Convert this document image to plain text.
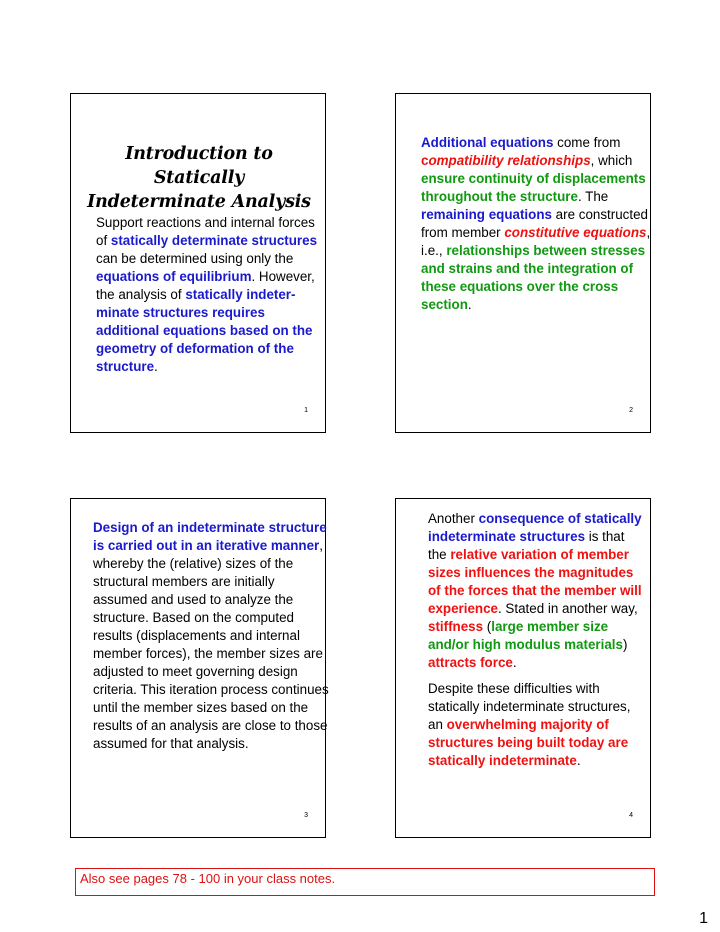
Introduction to Statically
Indeterminate Analysis
Support reactions and internal forces of statically determinate structures can be determined using only the equations of equilibrium. However, the analysis of statically indeter-minate structures requires additional equations based on the geometry of deformation of the structure.
1
Additional equations come from compatibility relationships, which ensure continuity of displacements throughout the structure. The remaining equations are constructed from member constitutive equations, i.e., relationships between stresses and strains and the integration of these equations over the cross section.
2
Design of an indeterminate structure is carried out in an iterative manner, whereby the (relative) sizes of the structural members are initially assumed and used to analyze the structure. Based on the computed results (displacements and internal member forces), the member sizes are adjusted to meet governing design criteria. This iteration process continues until the member sizes based on the results of an analysis are close to those assumed for that analysis.
3
Another consequence of statically indeterminate structures is that the relative variation of member sizes influences the magnitudes of the forces that the member will experience. Stated in another way, stiffness (large member size and/or high modulus materials) attracts force.
Despite these difficulties with statically indeterminate structures, an overwhelming majority of structures being built today are statically indeterminate.
4
Also see pages 78 - 100 in your class notes.
1
